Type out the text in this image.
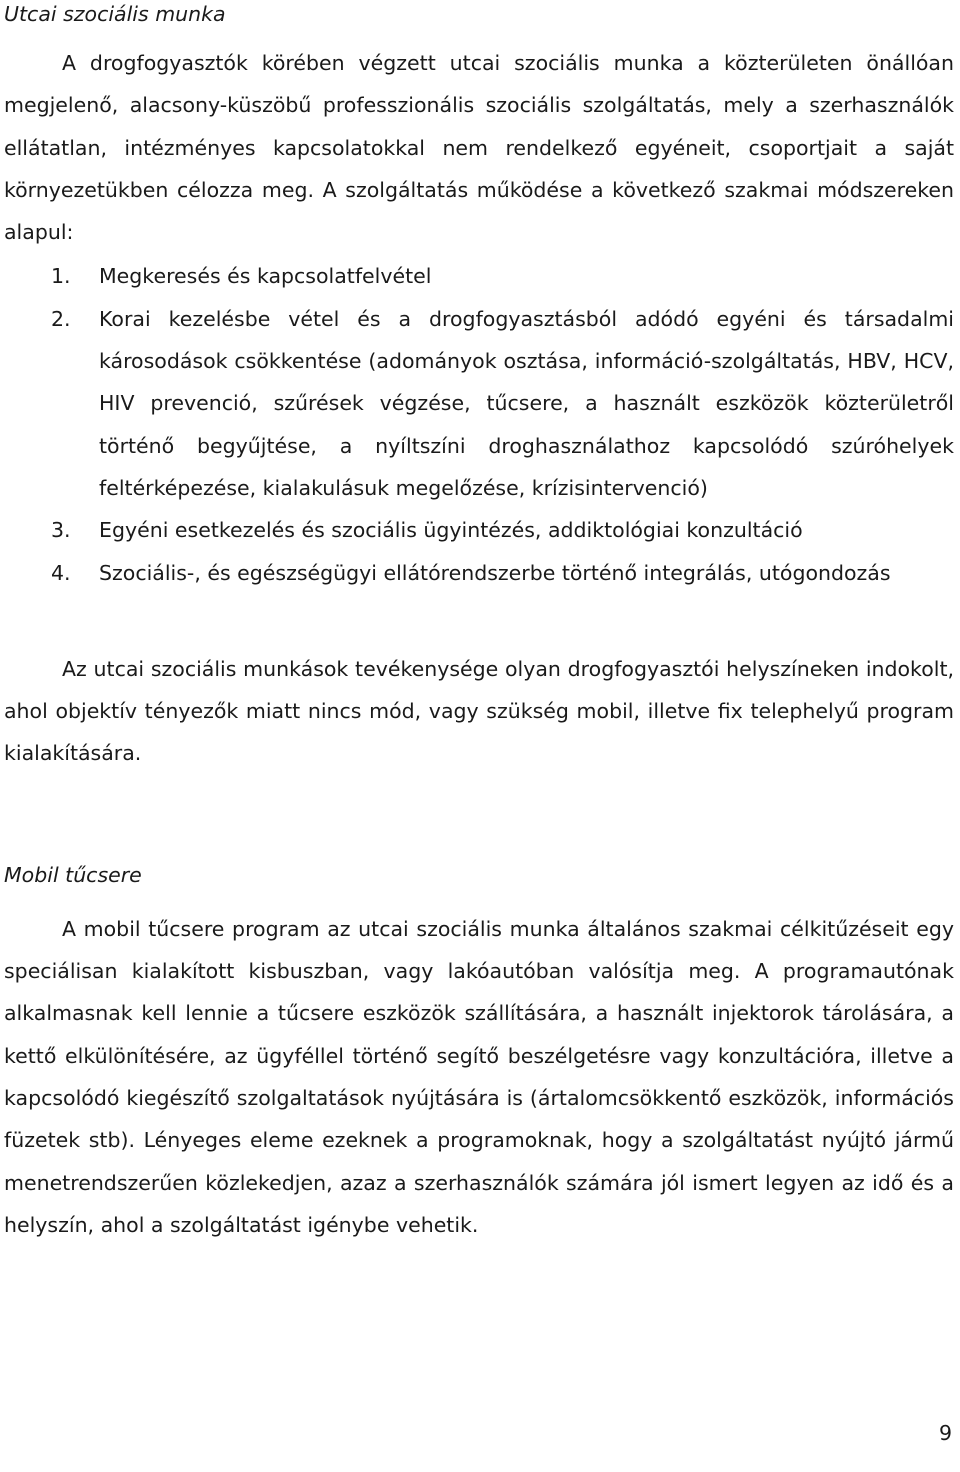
Utcai szociális munka

A drogfogyasztók körében végzett utcai szociális munka a közterületen önállóan megjelenő, alacsony-küszöbű professzionális szociális szolgáltatás, mely a szerhasználók ellátatlan, intézményes kapcsolatokkal nem rendelkező egyéneit, csoportjait a saját környezetükben célozza meg. A szolgáltatás működése a következő szakmai módszereken alapul:

1. Megkeresés és kapcsolatfelvétel
2. Korai kezelésbe vétel és a drogfogyasztásból adódó egyéni és társadalmi károsodások csökkentése (adományok osztása, információ-szolgáltatás, HBV, HCV, HIV prevenció, szűrések végzése, tűcsere, a használt eszközök közterületről történő begyűjtése, a nyíltszíni droghasználathoz kapcsolódó szúróhelyek feltérképezése, kialakulásuk megelőzése, krízisintervenció)
3. Egyéni esetkezelés és szociális ügyintézés, addiktológiai konzultáció
4. Szociális-, és egészségügyi ellátórendszerbe történő integrálás, utógondozás

Az utcai szociális munkások tevékenysége olyan drogfogyasztói helyszíneken indokolt, ahol objektív tényezők miatt nincs mód, vagy szükség mobil, illetve fix telephelyű program kialakítására.

Mobil tűcsere

A mobil tűcsere program az utcai szociális munka általános szakmai célkitűzéseit egy speciálisan kialakított kisbuszban, vagy lakóautóban valósítja meg. A programautónak alkalmasnak kell lennie a tűcsere eszközök szállítására, a használt injektorok tárolására, a kettő elkülönítésére, az ügyféllel történő segítő beszélgetésre vagy konzultációra, illetve a kapcsolódó kiegészítő szolgaltatások nyújtására is (ártalomcsökkentő eszközök, információs füzetek stb). Lényeges eleme ezeknek a programoknak, hogy a szolgáltatást nyújtó jármű menetrendszerűen közlekedjen, azaz a szerhasználók számára jól ismert legyen az idő és a helyszín, ahol a szolgáltatást igénybe vehetik.

9
